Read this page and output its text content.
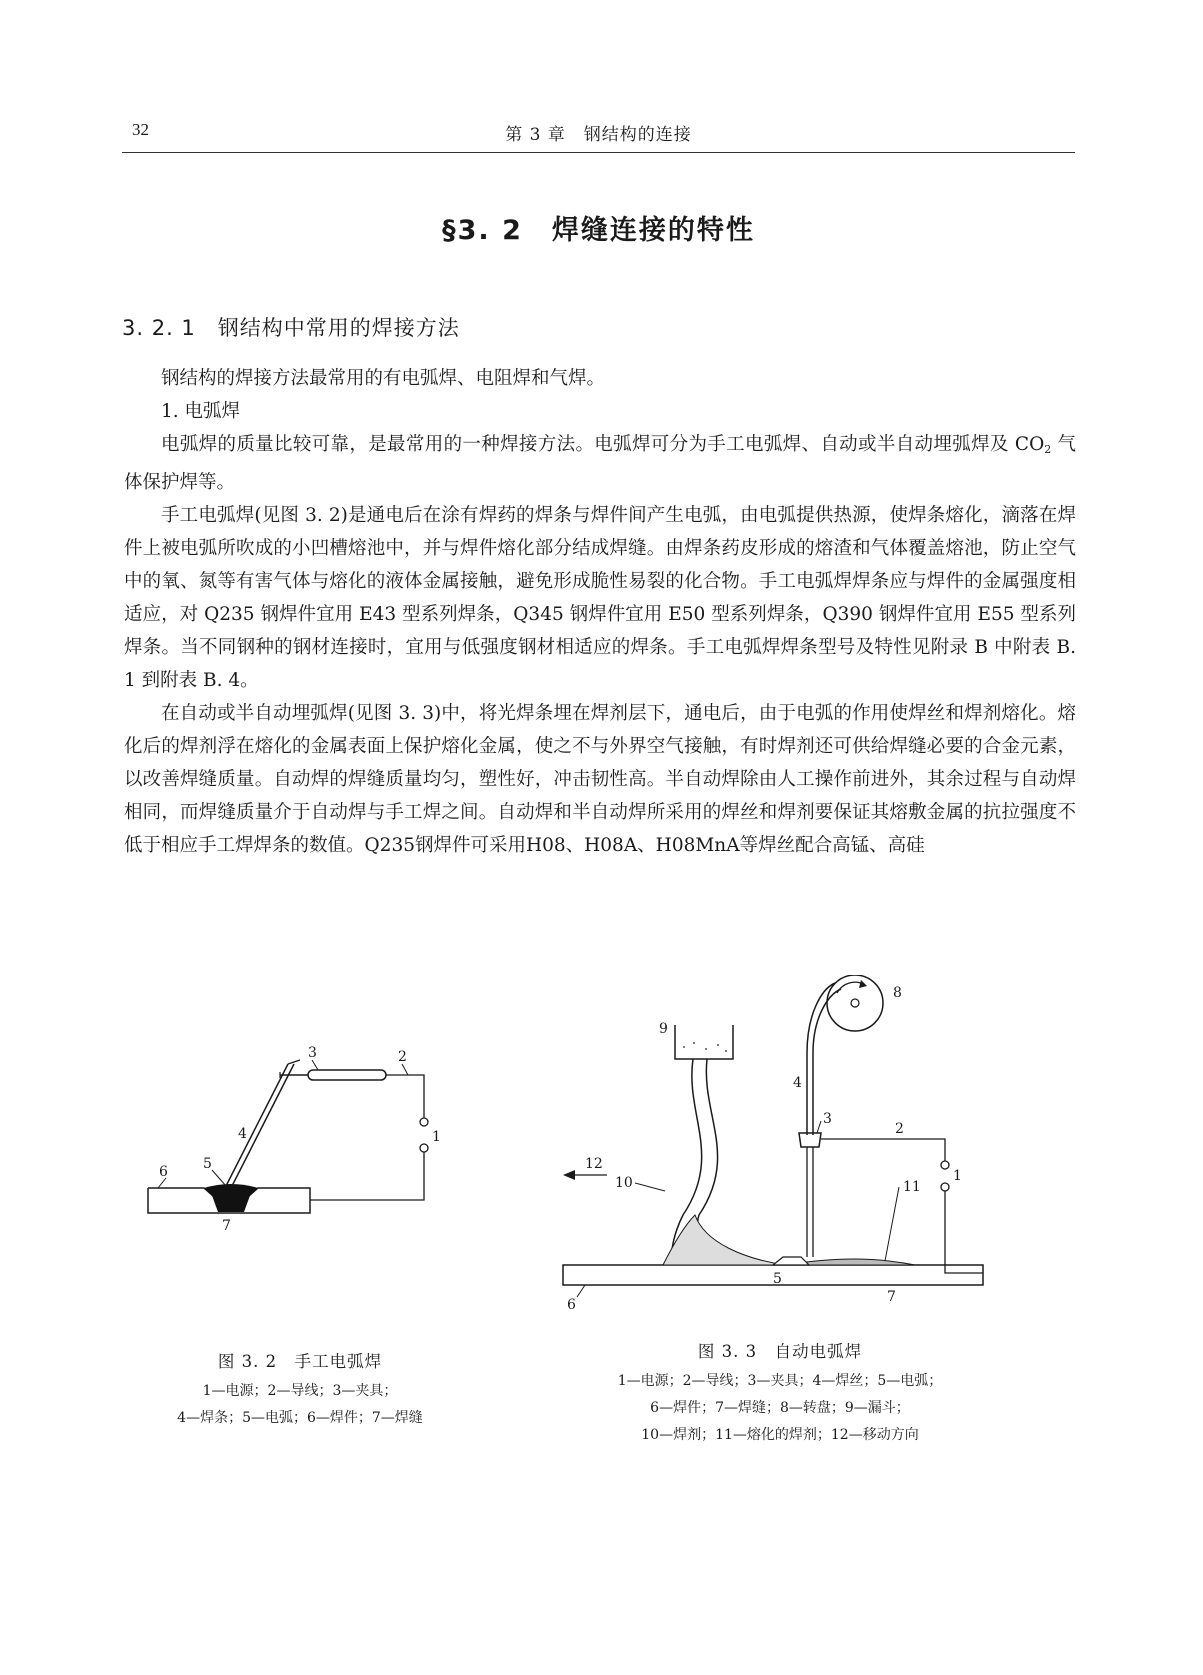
32	第 3 章　钢结构的连接
§3. 2　焊缝连接的特性
3. 2. 1　钢结构中常用的焊接方法

钢结构的焊接方法最常用的有电弧焊、电阻焊和气焊。

1. 电弧焊

电弧焊的质量比较可靠，是最常用的一种焊接方法。电弧焊可分为手工电弧焊、自动或半自动埋弧焊及 $CO_2$ 气体保护焊等。

手工电弧焊(见图 3. 2)是通电后在涂有焊药的焊条与焊件间产生电弧，由电弧提供热源，使焊条熔化，滴落在焊件上被电弧所吹成的小凹槽熔池中，并与焊件熔化部分结成焊缝。由焊条药皮形成的熔渣和气体覆盖熔池，防止空气中的氧、氮等有害气体与熔化的液体金属接触，避免形成脆性易裂的化合物。手工电弧焊焊条应与焊件的金属强度相适应，对 Q235 钢焊件宜用 E43 型系列焊条，Q345 钢焊件宜用 E50 型系列焊条，Q390 钢焊件宜用 E55 型系列焊条。当不同钢种的钢材连接时，宜用与低强度钢材相适应的焊条。手工电弧焊焊条型号及特性见附录 B 中附表 B. 1 到附表 B. 4。

在自动或半自动埋弧焊(见图 3. 3)中，将光焊条埋在焊剂层下，通电后，由于电弧的作用使焊丝和焊剂熔化。熔化后的焊剂浮在熔化的金属表面上保护熔化金属，使之不与外界空气接触，有时焊剂还可供给焊缝必要的合金元素，以改善焊缝质量。自动焊的焊缝质量均匀，塑性好，冲击韧性高。半自动焊除由人工操作前进外，其余过程与自动焊相同，而焊缝质量介于自动焊与手工焊之间。自动焊和半自动焊所采用的焊丝和焊剂要保证其熔敷金属的抗拉强度不低于相应手工焊焊条的数值。Q235钢焊件可采用H08、H08A、H08MnA等焊丝配合高锰、高硅

1
2
3
4
5
6
7
图 3. 2　手工电弧焊
1—电源；2—导线；3—夹具；
4—焊条；5—电弧；6—焊件；7—焊缝
1
2
3
4
5
6	7
8
9
10	11
12
图 3. 3　自动电弧焊
1—电源；2—导线；3—夹具；4—焊丝；5—电弧；
6—焊件；7—焊缝；8—转盘；9—漏斗；
10—焊剂；11—熔化的焊剂；12—移动方向
